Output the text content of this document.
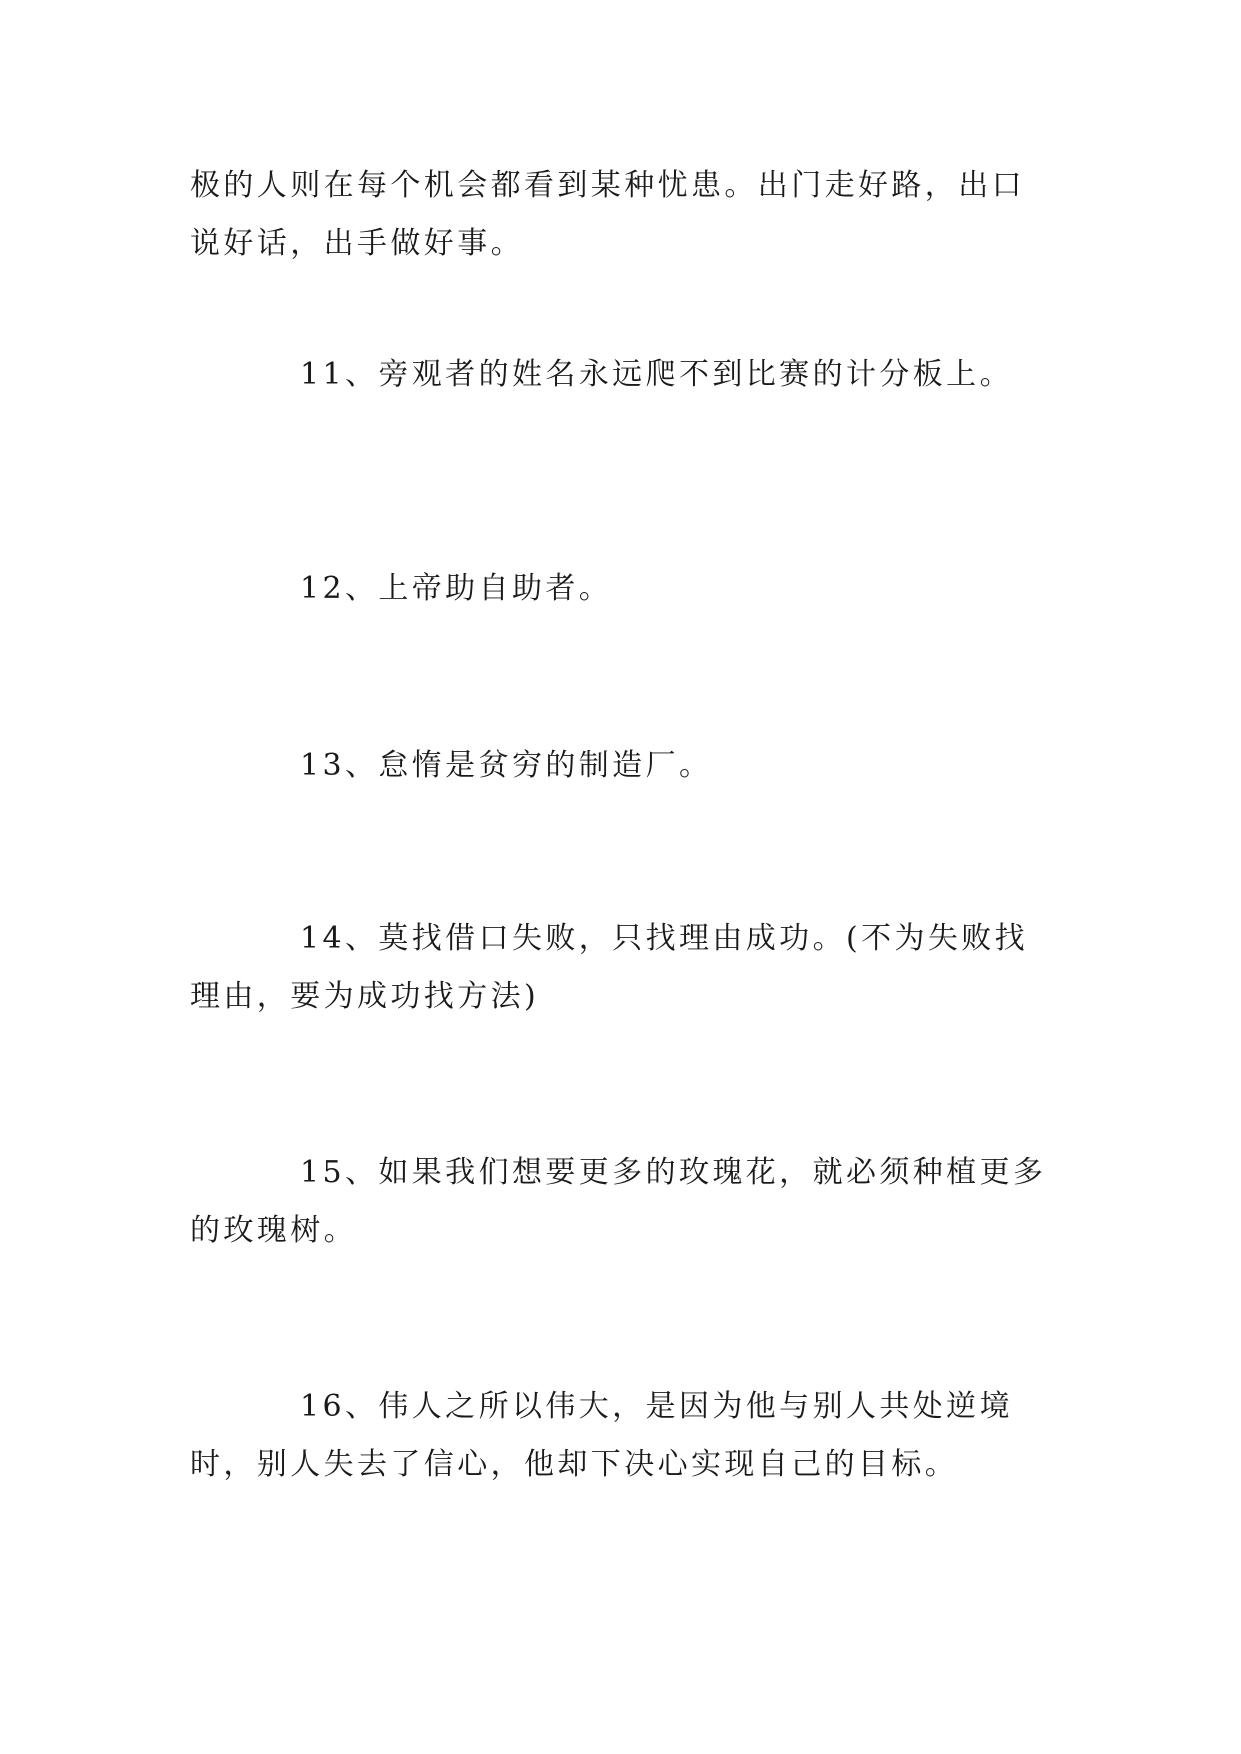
极的人则在每个机会都看到某种忧患。出门走好路，出口说好话，出手做好事。

11、旁观者的姓名永远爬不到比赛的计分板上。

12、上帝助自助者。

13、怠惰是贫穷的制造厂。

14、莫找借口失败，只找理由成功。(不为失败找理由，要为成功找方法)

15、如果我们想要更多的玫瑰花，就必须种植更多的玫瑰树。

16、伟人之所以伟大，是因为他与别人共处逆境时，别人失去了信心，他却下决心实现自己的目标。
